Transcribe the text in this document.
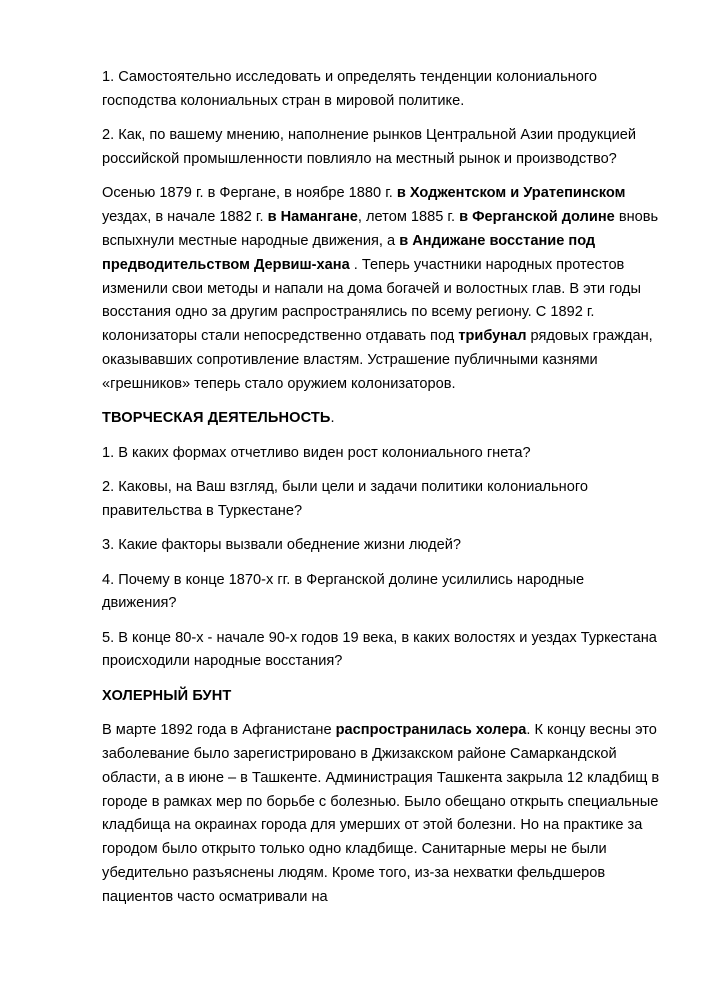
1. Самостоятельно исследовать и определять тенденции колониального господства колониальных стран в мировой политике.

2. Как, по вашему мнению, наполнение рынков Центральной Азии продукцией российской промышленности повлияло на местный рынок и производство?

Осенью 1879 г. в Фергане, в ноябре 1880 г. в Ходжентском и Уратепинском уездах, в начале 1882 г. в Намангане, летом 1885 г. в Ферганской долине вновь вспыхнули местные народные движения, а в Андижане восстание под предводительством Дервиш-хана . Теперь участники народных протестов изменили свои методы и напали на дома богачей и волостных глав. В эти годы восстания одно за другим распространялись по всему региону. С 1892 г. колонизаторы стали непосредственно отдавать под трибунал рядовых граждан, оказывавших сопротивление властям. Устрашение публичными казнями «грешников» теперь стало оружием колонизаторов.

ТВОРЧЕСКАЯ ДЕЯТЕЛЬНОСТЬ.

1. В каких формах отчетливо виден рост колониального гнета?

2. Каковы, на Ваш взгляд, были цели и задачи политики колониального правительства в Туркестане?

3. Какие факторы вызвали обеднение жизни людей?

4. Почему в конце 1870-х гг. в Ферганской долине усилились народные движения?

5. В конце 80-х - начале 90-х годов 19 века, в каких волостях и уездах Туркестана происходили народные восстания?

ХОЛЕРНЫЙ БУНТ

В марте 1892 года в Афганистане распространилась холера. К концу весны это заболевание было зарегистрировано в Джизакском районе Самаркандской области, а в июне – в Ташкенте. Администрация Ташкента закрыла 12 кладбищ в городе в рамках мер по борьбе с болезнью. Было обещано открыть специальные кладбища на окраинах города для умерших от этой болезни. Но на практике за городом было открыто только одно кладбище. Санитарные меры не были убедительно разъяснены людям. Кроме того, из-за нехватки фельдшеров пациентов часто осматривали на
